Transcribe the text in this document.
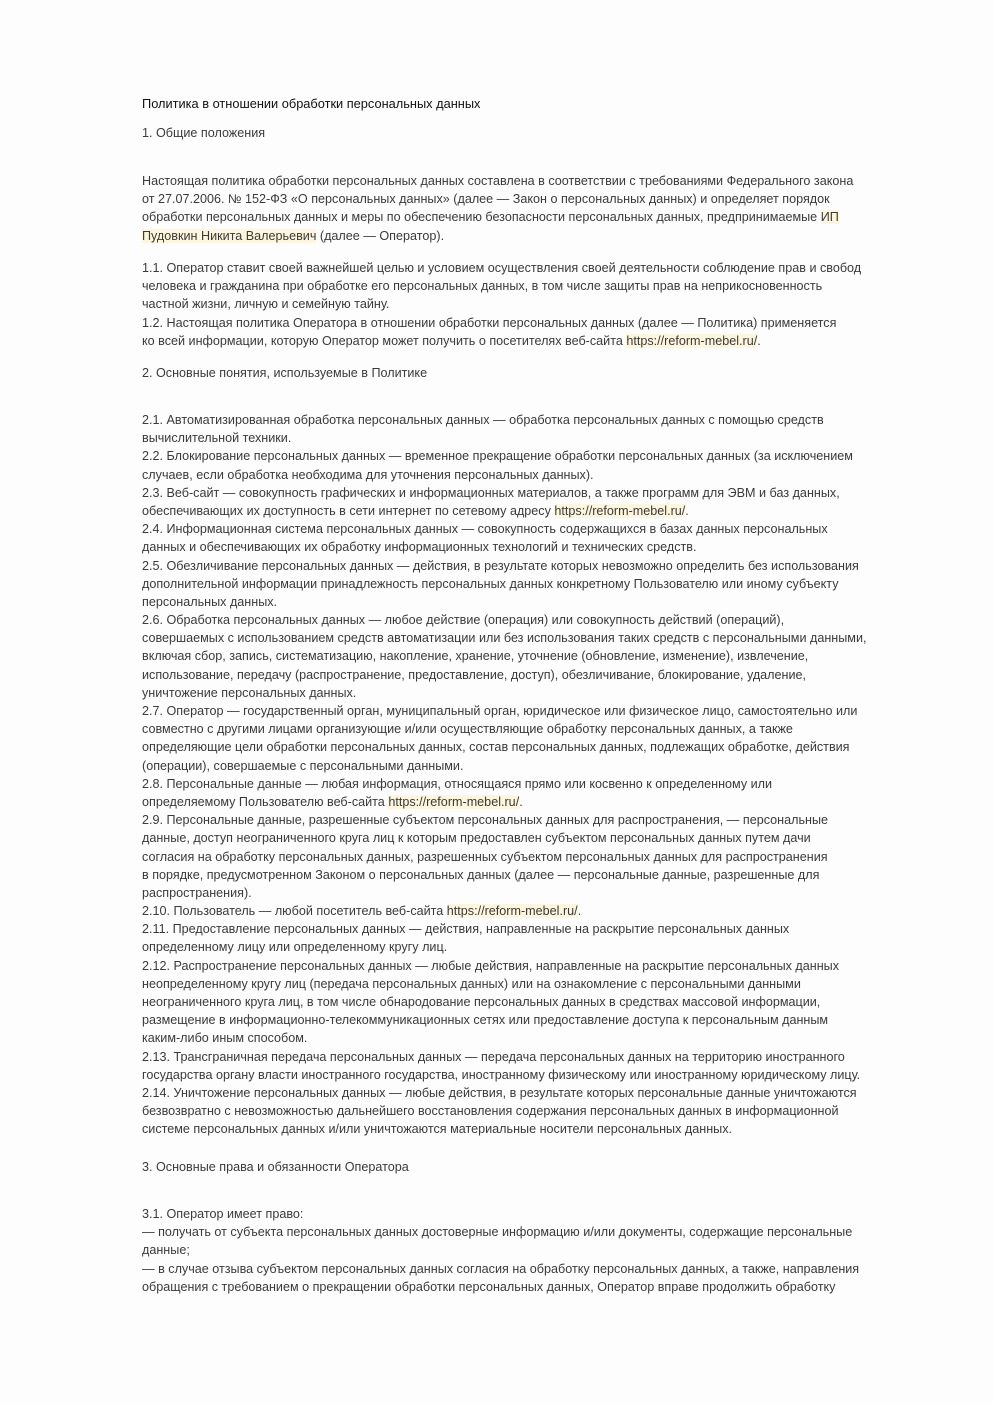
Политика в отношении обработки персональных данных
1. Общие положения
Настоящая политика обработки персональных данных составлена в соответствии с требованиями Федерального закона
от 27.07.2006. № 152-ФЗ «О персональных данных» (далее — Закон о персональных данных) и определяет порядок
обработки персональных данных и меры по обеспечению безопасности персональных данных, предпринимаемые ИП
Пудовкин Никита Валерьевич (далее — Оператор).
1.1. Оператор ставит своей важнейшей целью и условием осуществления своей деятельности соблюдение прав и свобод
человека и гражданина при обработке его персональных данных, в том числе защиты прав на неприкосновенность
частной жизни, личную и семейную тайну.
1.2. Настоящая политика Оператора в отношении обработки персональных данных (далее — Политика) применяется
ко всей информации, которую Оператор может получить о посетителях веб-сайта https://reform-mebel.ru/.
2. Основные понятия, используемые в Политике
2.1. Автоматизированная обработка персональных данных — обработка персональных данных с помощью средств
вычислительной техники.
2.2. Блокирование персональных данных — временное прекращение обработки персональных данных (за исключением
случаев, если обработка необходима для уточнения персональных данных).
2.3. Веб-сайт — совокупность графических и информационных материалов, а также программ для ЭВМ и баз данных,
обеспечивающих их доступность в сети интернет по сетевому адресу https://reform-mebel.ru/.
2.4. Информационная система персональных данных — совокупность содержащихся в базах данных персональных
данных и обеспечивающих их обработку информационных технологий и технических средств.
2.5. Обезличивание персональных данных — действия, в результате которых невозможно определить без использования
дополнительной информации принадлежность персональных данных конкретному Пользователю или иному субъекту
персональных данных.
2.6. Обработка персональных данных — любое действие (операция) или совокупность действий (операций),
совершаемых с использованием средств автоматизации или без использования таких средств с персональными данными,
включая сбор, запись, систематизацию, накопление, хранение, уточнение (обновление, изменение), извлечение,
использование, передачу (распространение, предоставление, доступ), обезличивание, блокирование, удаление,
уничтожение персональных данных.
2.7. Оператор — государственный орган, муниципальный орган, юридическое или физическое лицо, самостоятельно или
совместно с другими лицами организующие и/или осуществляющие обработку персональных данных, а также
определяющие цели обработки персональных данных, состав персональных данных, подлежащих обработке, действия
(операции), совершаемые с персональными данными.
2.8. Персональные данные — любая информация, относящаяся прямо или косвенно к определенному или
определяемому Пользователю веб-сайта https://reform-mebel.ru/.
2.9. Персональные данные, разрешенные субъектом персональных данных для распространения, — персональные
данные, доступ неограниченного круга лиц к которым предоставлен субъектом персональных данных путем дачи
согласия на обработку персональных данных, разрешенных субъектом персональных данных для распространения
в порядке, предусмотренном Законом о персональных данных (далее — персональные данные, разрешенные для
распространения).
2.10. Пользователь — любой посетитель веб-сайта https://reform-mebel.ru/.
2.11. Предоставление персональных данных — действия, направленные на раскрытие персональных данных
определенному лицу или определенному кругу лиц.
2.12. Распространение персональных данных — любые действия, направленные на раскрытие персональных данных
неопределенному кругу лиц (передача персональных данных) или на ознакомление с персональными данными
неограниченного круга лиц, в том числе обнародование персональных данных в средствах массовой информации,
размещение в информационно-телекоммуникационных сетях или предоставление доступа к персональным данным
каким-либо иным способом.
2.13. Трансграничная передача персональных данных — передача персональных данных на территорию иностранного
государства органу власти иностранного государства, иностранному физическому или иностранному юридическому лицу.
2.14. Уничтожение персональных данных — любые действия, в результате которых персональные данные уничтожаются
безвозвратно с невозможностью дальнейшего восстановления содержания персональных данных в информационной
системе персональных данных и/или уничтожаются материальные носители персональных данных.
3. Основные права и обязанности Оператора
3.1. Оператор имеет право:
— получать от субъекта персональных данных достоверные информацию и/или документы, содержащие персональные
данные;
— в случае отзыва субъектом персональных данных согласия на обработку персональных данных, а также, направления
обращения с требованием о прекращении обработки персональных данных, Оператор вправе продолжить обработку
